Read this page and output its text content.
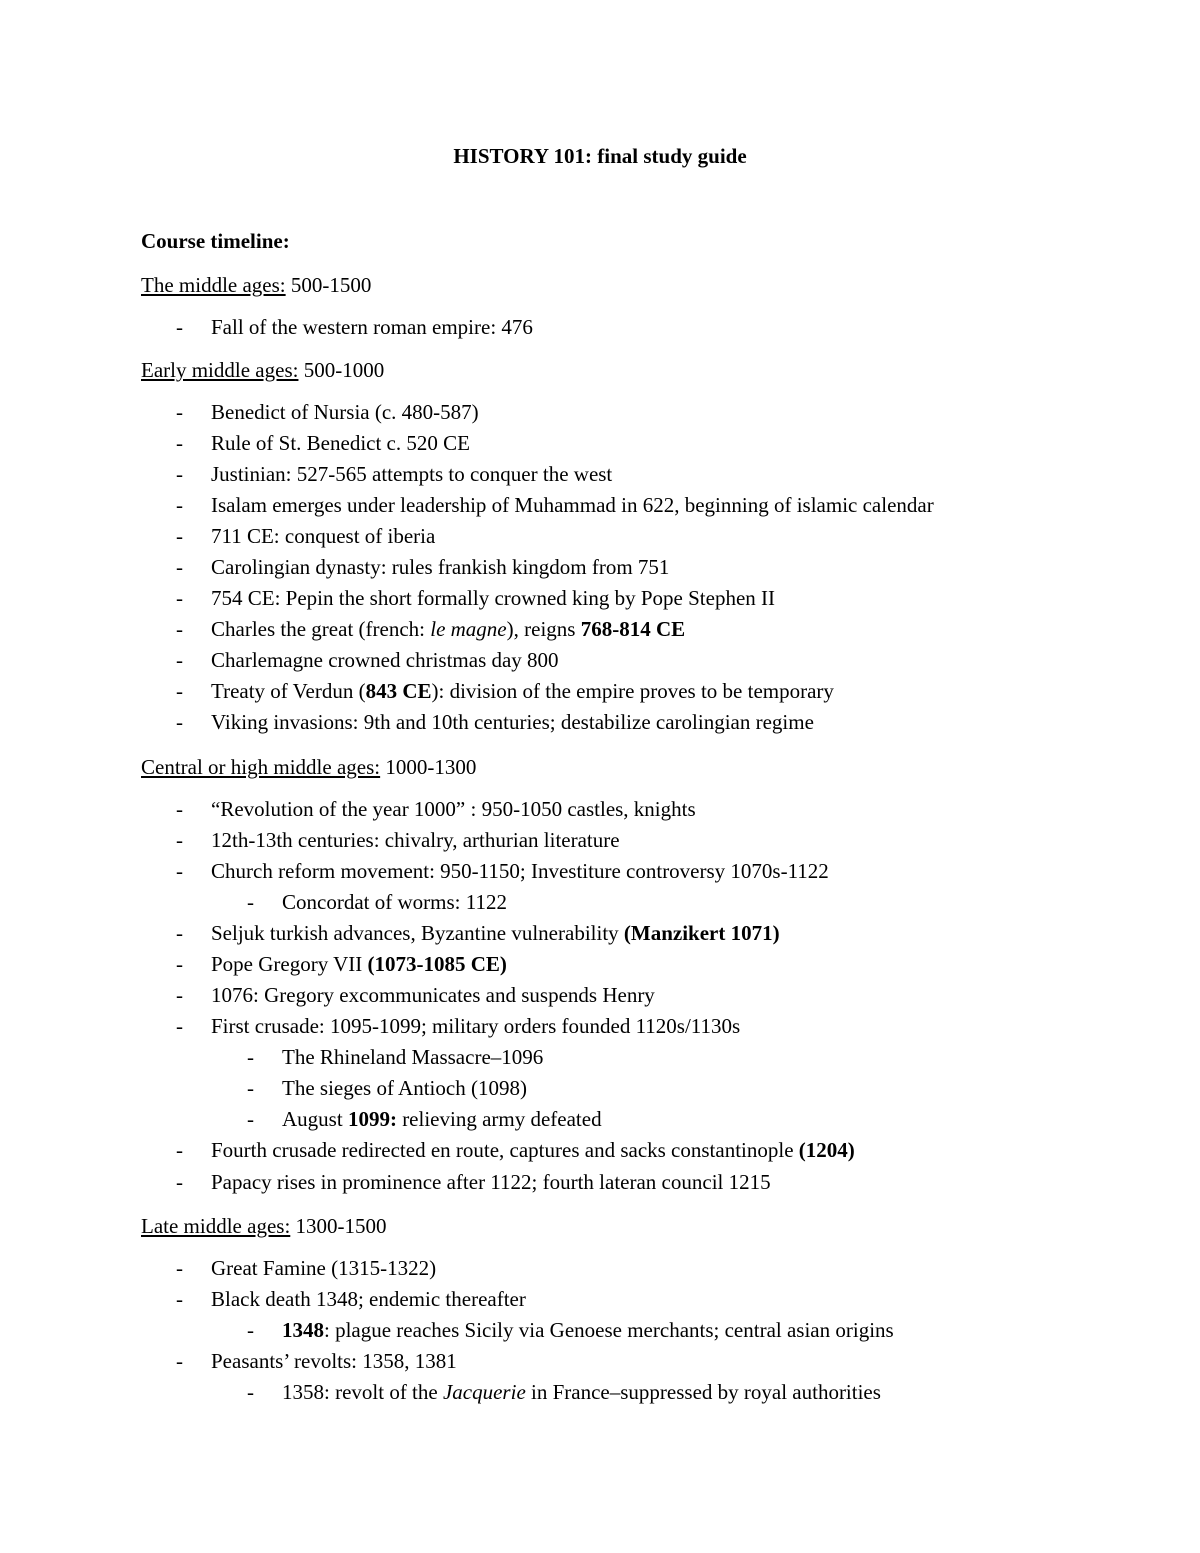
HISTORY 101: final study guide
Course timeline:
The middle ages: 500-1500
- Fall of the western roman empire: 476
Early middle ages: 500-1000
- Benedict of Nursia (c. 480-587)
- Rule of St. Benedict c. 520 CE
- Justinian: 527-565 attempts to conquer the west
- Isalam emerges under leadership of Muhammad in 622, beginning of islamic calendar
- 711 CE: conquest of iberia
- Carolingian dynasty: rules frankish kingdom from 751
- 754 CE: Pepin the short formally crowned king by Pope Stephen II
- Charles the great (french: le magne), reigns 768-814 CE
- Charlemagne crowned christmas day 800
- Treaty of Verdun (843 CE): division of the empire proves to be temporary
- Viking invasions: 9th and 10th centuries; destabilize carolingian regime
Central or high middle ages: 1000-1300
- “Revolution of the year 1000” : 950-1050 castles, knights
- 12th-13th centuries: chivalry, arthurian literature
- Church reform movement: 950-1150; Investiture controversy 1070s-1122
- Concordat of worms: 1122
- Seljuk turkish advances, Byzantine vulnerability (Manzikert 1071)
- Pope Gregory VII (1073-1085 CE)
- 1076: Gregory excommunicates and suspends Henry
- First crusade: 1095-1099; military orders founded 1120s/1130s
- The Rhineland Massacre–1096
- The sieges of Antioch (1098)
- August 1099: relieving army defeated
- Fourth crusade redirected en route, captures and sacks constantinople (1204)
- Papacy rises in prominence after 1122; fourth lateran council 1215
Late middle ages: 1300-1500
- Great Famine (1315-1322)
- Black death 1348; endemic thereafter
- 1348: plague reaches Sicily via Genoese merchants; central asian origins
- Peasants’ revolts: 1358, 1381
- 1358: revolt of the Jacquerie in France–suppressed by royal authorities
